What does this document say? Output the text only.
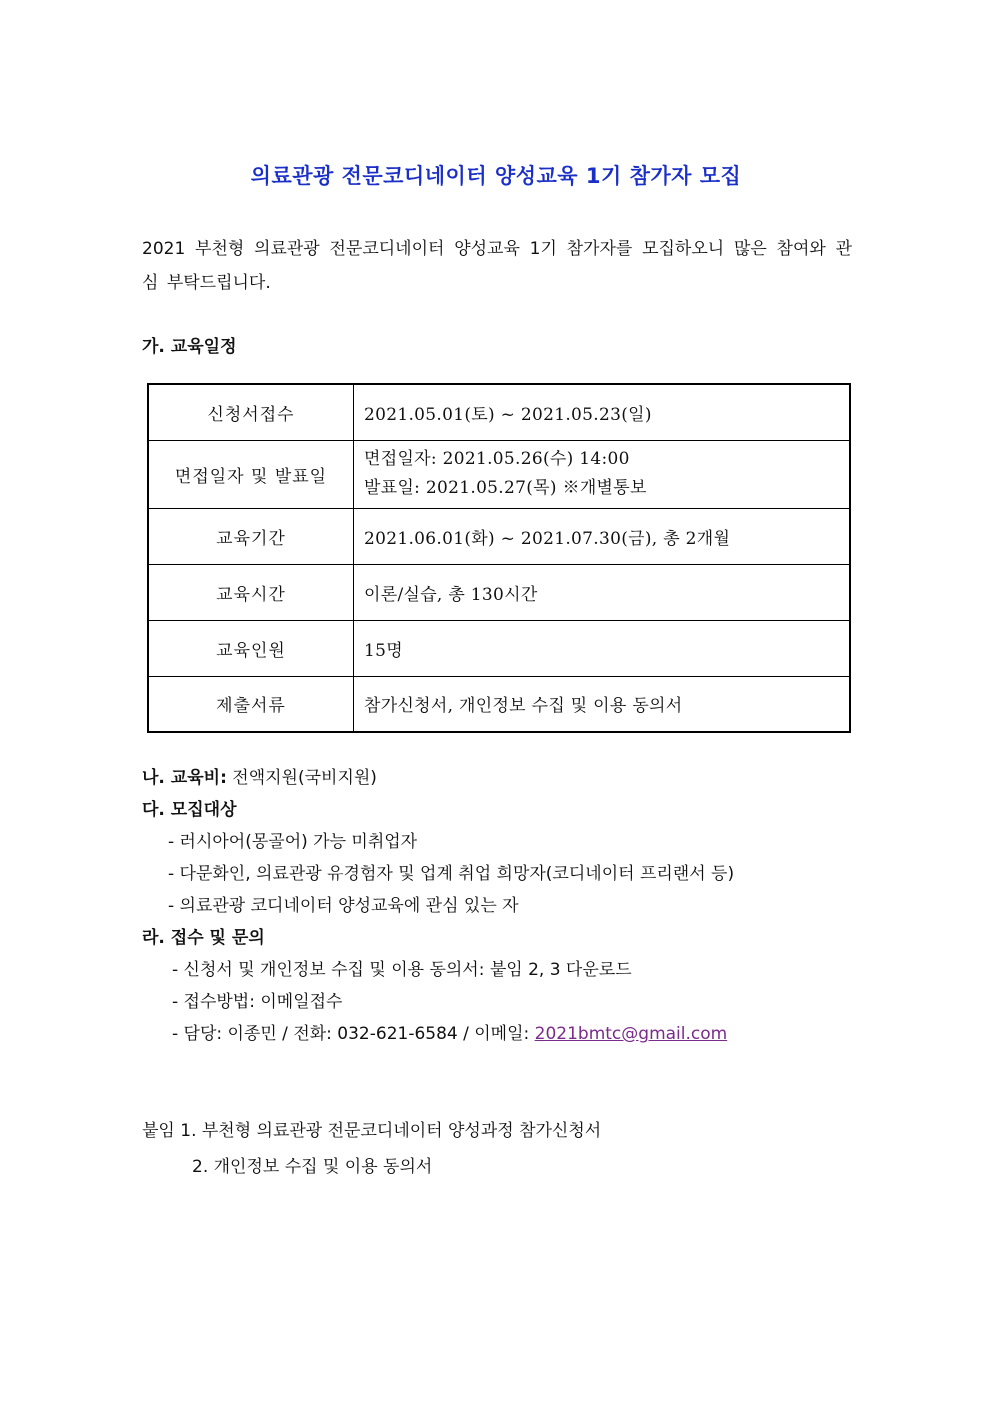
의료관광 전문코디네이터 양성교육 1기 참가자 모집
2021 부천형 의료관광 전문코디네이터 양성교육 1기 참가자를 모집하오니 많은 참여와 관심 부탁드립니다.
가. 교육일정
신청서접수	2021.05.01(토) ~ 2021.05.23(일)
면접일자 및 발표일	면접일자: 2021.05.26(수) 14:00
발표일: 2021.05.27(목) ※개별통보

교육기간	2021.06.01(화) ~ 2021.07.30(금), 총 2개월
교육시간	이론/실습, 총 130시간
교육인원	15명
제출서류	참가신청서, 개인정보 수집 및 이용 동의서
나. 교육비: 전액지원(국비지원)
다. 모집대상
- 러시아어(몽골어) 가능 미취업자
- 다문화인, 의료관광 유경험자 및 업계 취업 희망자(코디네이터 프리랜서 등)
- 의료관광 코디네이터 양성교육에 관심 있는 자
라. 접수 및 문의
- 신청서 및 개인정보 수집 및 이용 동의서: 붙임 2, 3 다운로드
- 접수방법: 이메일접수
- 담당: 이종민 / 전화: 032-621-6584 / 이메일: 2021bmtc@gmail.com
붙임 1. 부천형 의료관광 전문코디네이터 양성과정 참가신청서
2. 개인정보 수집 및 이용 동의서
